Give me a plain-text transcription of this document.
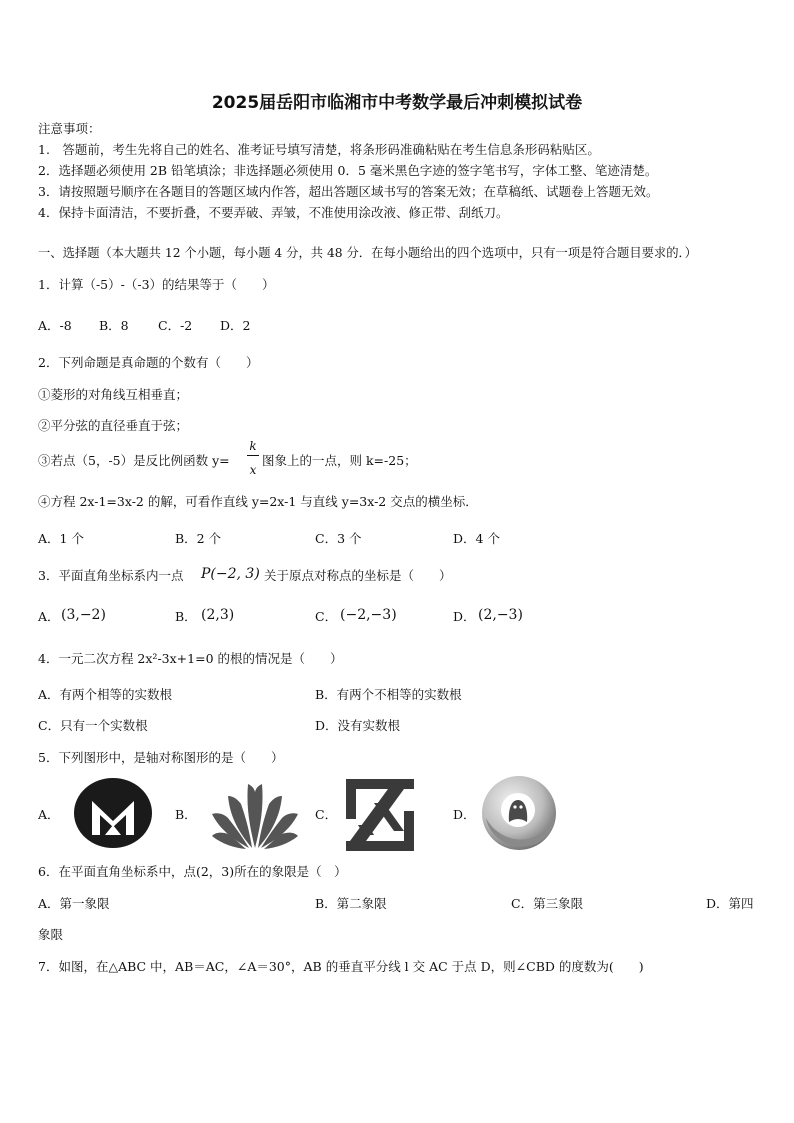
2025届岳阳市临湘市中考数学最后冲刺模拟试卷
注意事项：
1.　答题前，考生先将自己的姓名、准考证号填写清楚，将条形码准确粘贴在考生信息条形码粘贴区。
2．选择题必须使用 2B 铅笔填涂；非选择题必须使用 0．5 毫米黑色字迹的签字笔书写，字体工整、笔迹清楚。
3．请按照题号顺序在各题目的答题区域内作答，超出答题区域书写的答案无效；在草稿纸、试题卷上答题无效。
4．保持卡面清洁，不要折叠，不要弄破、弄皱，不准使用涂改液、修正带、刮纸刀。
一、选择题（本大题共 12 个小题，每小题 4 分，共 48 分．在每小题给出的四个选项中，只有一项是符合题目要求的．）
1．计算（-5）-（-3）的结果等于（　　）
A．-8 B．8 C．-2 D．2
2．下列命题是真命题的个数有（　　）
①菱形的对角线互相垂直；
②平分弦的直径垂直于弦；
③若点（5，-5）是反比例函数 y=
k
x
图象上的一点，则 k=-25；
④方程 2x-1=3x-2 的解，可看作直线 y=2x-1 与直线 y=3x-2 交点的横坐标．
A．1 个	B．2 个	C．3 个	D．4 个
3．平面直角坐标系内一点 P(−2, 3) 关于原点对称点的坐标是（　　）
A． (3,−2)	B． (2,3)	C． (−2,−3)	D． (2,−3)
4．一元二次方程 2x²-3x+1=0 的根的情况是（　　）
A．有两个相等的实数根	B．有两个不相等的实数根
C．只有一个实数根	D．没有实数根
5．下列图形中，是轴对称图形的是（　　）
A．	B．	C．	D．
6．在平面直角坐标系中，点(2，3)所在的象限是（　）
A．第一象限	B．第二象限	C．第三象限	D．第四
象限
7．如图，在△ABC 中，AB＝AC，∠A＝30°，AB 的垂直平分线 l 交 AC 于点 D，则∠CBD 的度数为(　　)
